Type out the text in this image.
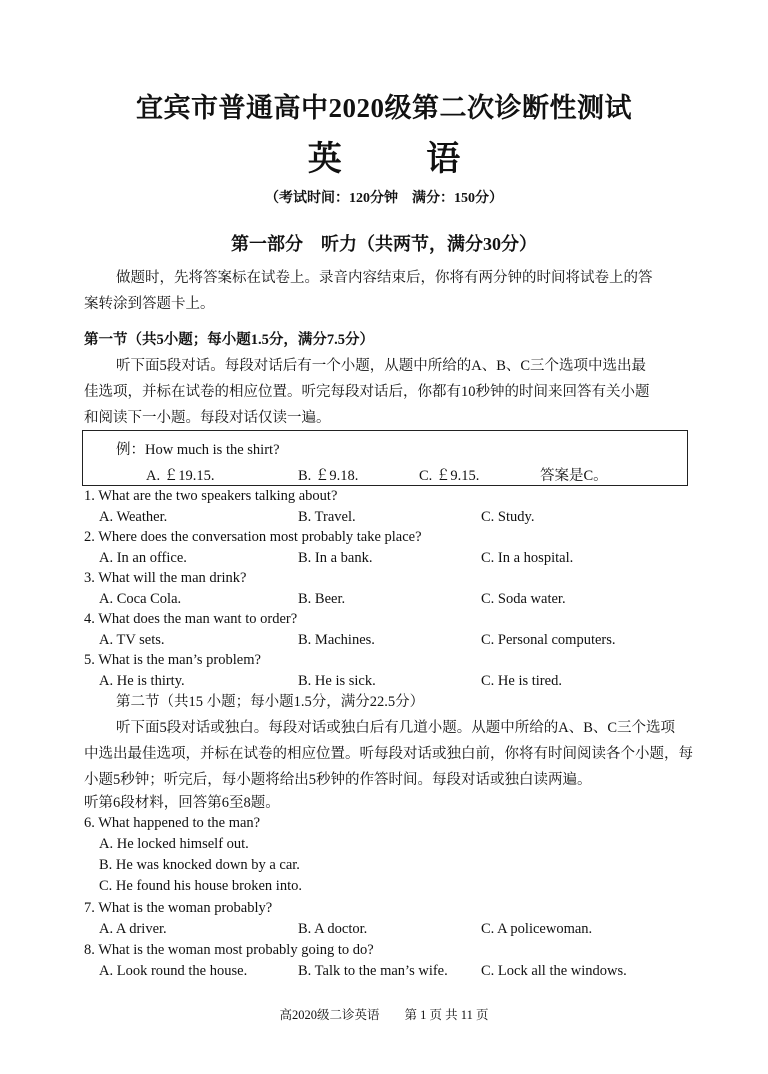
宜宾市普通高中2020级第二次诊断性测试
英 语
（考试时间：120分钟　满分：150分）
第一部分　听力（共两节，满分30分）
做题时，先将答案标在试卷上。录音内容结束后，你将有两分钟的时间将试卷上的答
案转涂到答题卡上。
第一节（共5小题；每小题1.5分，满分7.5分）
听下面5段对话。每段对话后有一个小题，从题中所给的A、B、C三个选项中选出最
佳选项，并标在试卷的相应位置。听完每段对话后，你都有10秒钟的时间来回答有关小题
和阅读下一小题。每段对话仅读一遍。
例：How much is the shirt?
A. ￡19.15.	B. ￡9.18.	C. ￡9.15.	答案是C。
1. What are the two speakers talking about?
A. Weather.	B. Travel.	C. Study.
2. Where does the conversation most probably take place?
A. In an office.	B. In a bank.	C. In a hospital.
3. What will the man drink?
A. Coca Cola.	B. Beer.	C. Soda water.
4. What does the man want to order?
A. TV sets.	B. Machines.	C. Personal computers.
5. What is the man’s problem?
A. He is thirty.	B. He is sick.	C. He is tired.
第二节（共15 小题；每小题1.5分，满分22.5分）
听下面5段对话或独白。每段对话或独白后有几道小题。从题中所给的A、B、C三个选项
中选出最佳选项，并标在试卷的相应位置。听每段对话或独白前，你将有时间阅读各个小题，每
小题5秒钟；听完后，每小题将给出5秒钟的作答时间。每段对话或独白读两遍。
听第6段材料，回答第6至8题。
6. What happened to the man?
A. He locked himself out.
B. He was knocked down by a car.
C. He found his house broken into.
7. What is the woman probably?
A. A driver.	B. A doctor.	C. A policewoman.
8. What is the woman most probably going to do?
A. Look round the house.	B. Talk to the man’s wife. C. Lock all the windows.
高2020级二诊英语　　第 1 页 共 11 页
